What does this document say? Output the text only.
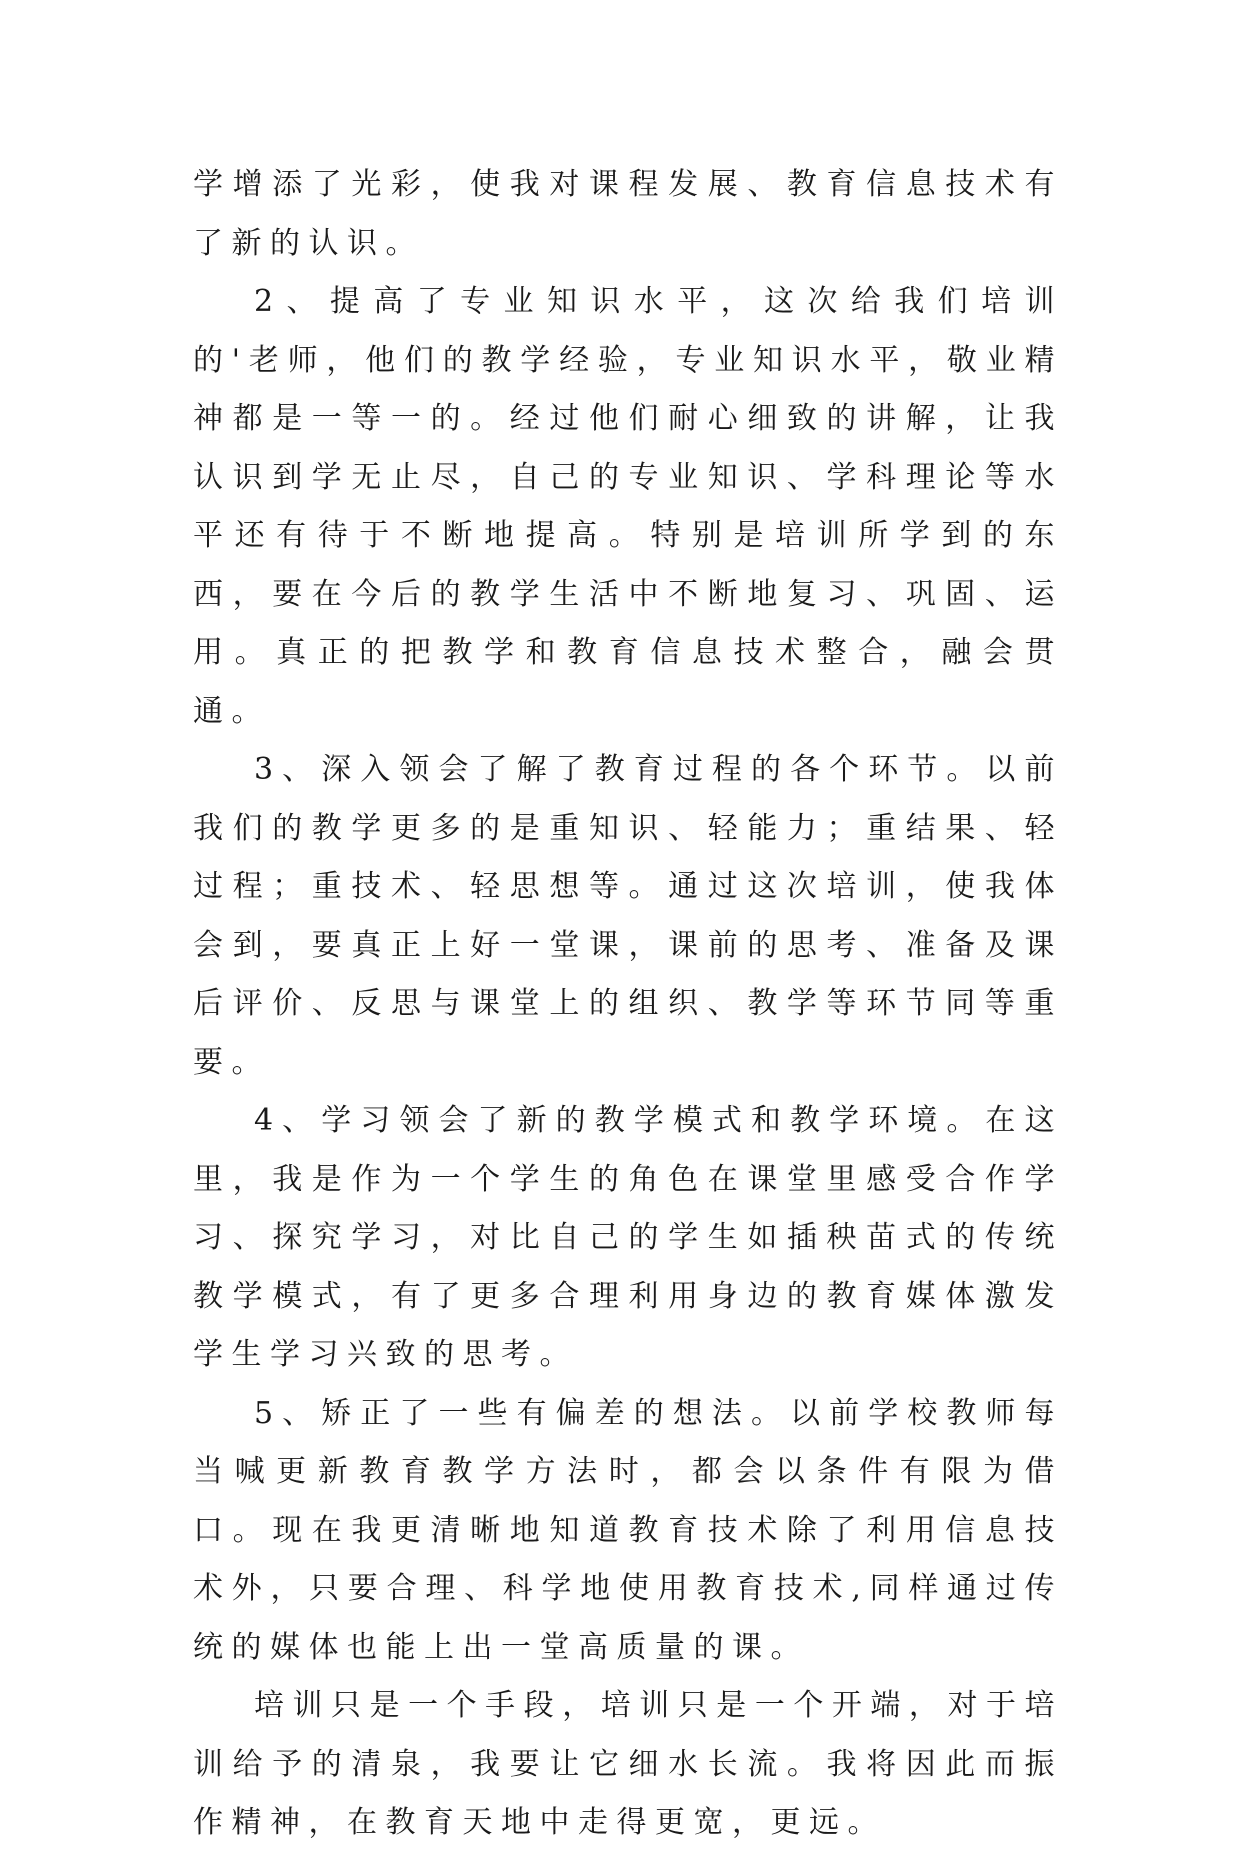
学增添了光彩，使我对课程发展、教育信息技术有了新的认识。

2、提高了专业知识水平，这次给我们培训的'老师，他们的教学经验，专业知识水平，敬业精神都是一等一的。经过他们耐心细致的讲解，让我认识到学无止尽，自己的专业知识、学科理论等水平还有待于不断地提高。特别是培训所学到的东西，要在今后的教学生活中不断地复习、巩固、运用。真正的把教学和教育信息技术整合，融会贯通。

3、深入领会了解了教育过程的各个环节。以前我们的教学更多的是重知识、轻能力；重结果、轻过程；重技术、轻思想等。通过这次培训，使我体会到，要真正上好一堂课，课前的思考、准备及课后评价、反思与课堂上的组织、教学等环节同等重要。

4、学习领会了新的教学模式和教学环境。在这里，我是作为一个学生的角色在课堂里感受合作学习、探究学习，对比自己的学生如插秧苗式的传统教学模式，有了更多合理利用身边的教育媒体激发学生学习兴致的思考。

5、矫正了一些有偏差的想法。以前学校教师每当喊更新教育教学方法时，都会以条件有限为借口。现在我更清晰地知道教育技术除了利用信息技术外，只要合理、科学地使用教育技术,同样通过传统的媒体也能上出一堂高质量的课。

培训只是一个手段，培训只是一个开端，对于培训给予的清泉，我要让它细水长流。我将因此而振作精神，在教育天地中走得更宽，更远。
